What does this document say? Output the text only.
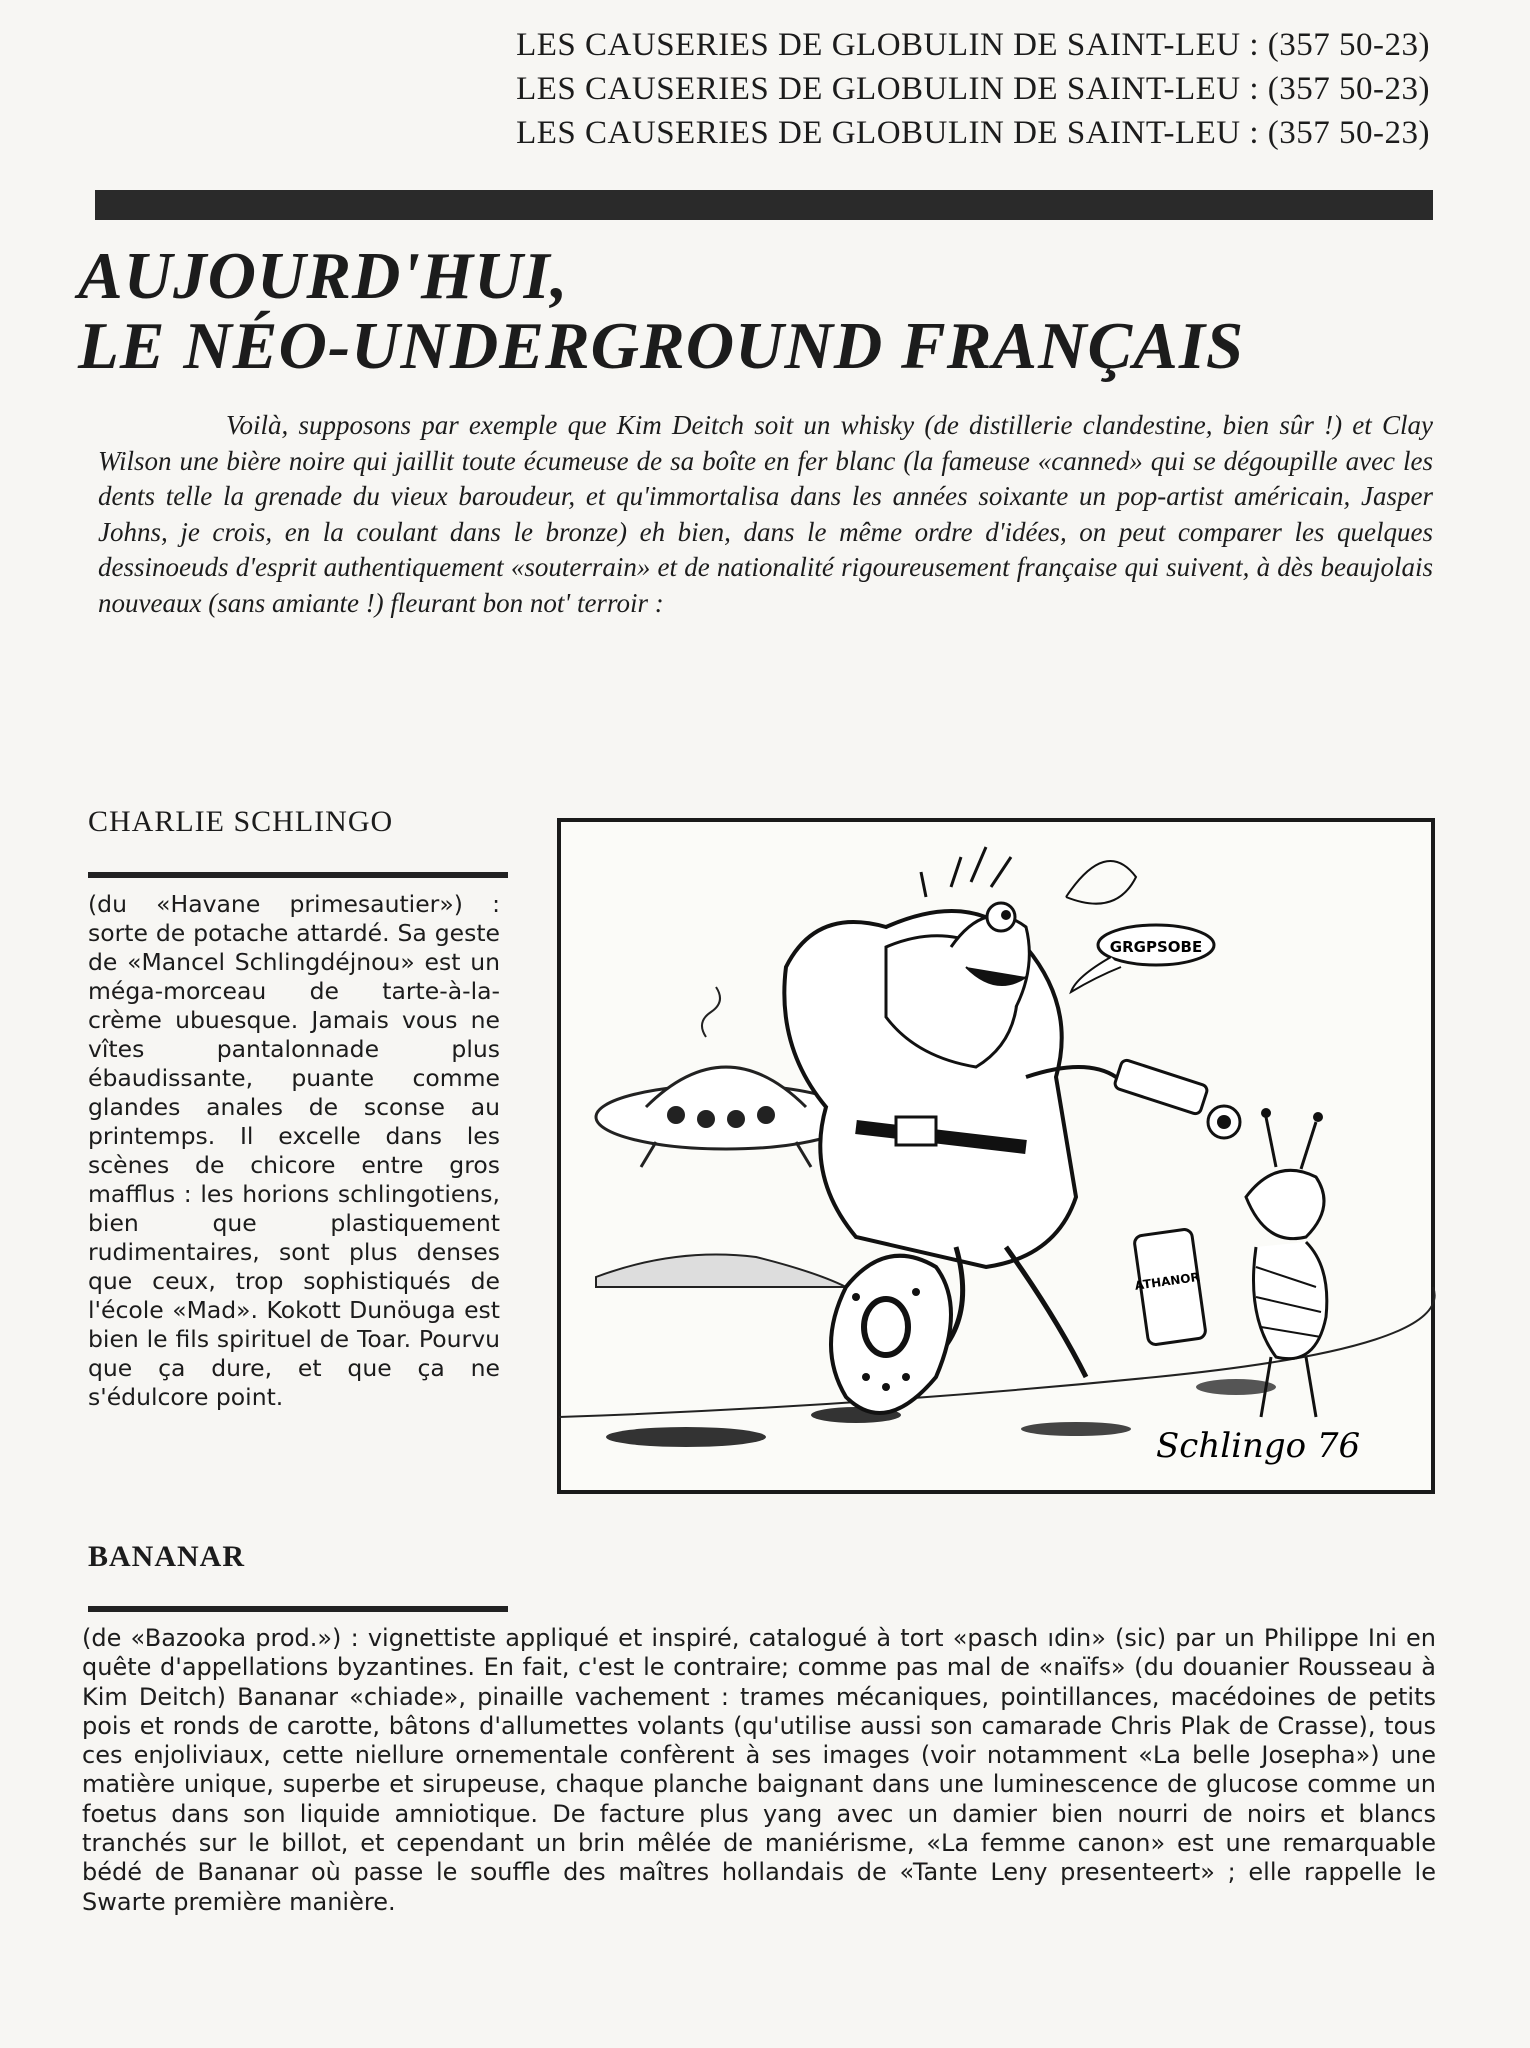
LES CAUSERIES DE GLOBULIN DE SAINT-LEU : (357 50-23)
LES CAUSERIES DE GLOBULIN DE SAINT-LEU : (357 50-23)
LES CAUSERIES DE GLOBULIN DE SAINT-LEU : (357 50-23)
AUJOURD'HUI,
LE NÉO-UNDERGROUND FRANÇAIS
Voilà, supposons par exemple que Kim Deitch soit un whisky (de distillerie clandestine, bien sûr !) et Clay Wilson une bière noire qui jaillit toute écumeuse de sa boîte en fer blanc (la fameuse «canned» qui se dégoupille avec les dents telle la grenade du vieux baroudeur, et qu'immortalisa dans les années soixante un pop-artist américain, Jasper Johns, je crois, en la coulant dans le bronze) eh bien, dans le même ordre d'idées, on peut comparer les quelques dessinoeuds d'esprit authentiquement «souterrain» et de nationalité rigoureusement française qui suivent, à dès beaujolais nouveaux (sans amiante !) fleurant bon not' terroir :
CHARLIE SCHLINGO
(du «Havane primesautier») : sorte de potache attardé. Sa geste de «Mancel Schlingdéjnou» est un méga-morceau de tarte-à-la-crème ubuesque. Jamais vous ne vîtes pantalonnade plus ébaudissante, puante comme glandes anales de sconse au printemps. Il excelle dans les scènes de chicore entre gros mafflus : les horions schlingotiens, bien que plastiquement rudimentaires, sont plus denses que ceux, trop sophistiqués de l'école «Mad». Kokott Dunöuga est bien le fils spirituel de Toar. Pourvu que ça dure, et que ça ne s'édulcore point.
GRGPSOBE
ATHANOR
Schlingo 76
BANANAR
(de «Bazooka prod.») : vignettiste appliqué et inspiré, catalogué à tort «pasch ıdin» (sic) par un Philippe Ini en quête d'appellations byzantines. En fait, c'est le contraire; comme pas mal de «naïfs» (du douanier Rousseau à Kim Deitch) Bananar «chiade», pinaille vachement : trames mécaniques, pointillances, macédoines de petits pois et ronds de carotte, bâtons d'allumettes volants (qu'utilise aussi son camarade Chris Plak de Crasse), tous ces enjoliviaux, cette niellure ornementale confèrent à ses images (voir notamment «La belle Josepha») une matière unique, superbe et sirupeuse, chaque planche baignant dans une luminescence de glucose comme un foetus dans son liquide amniotique. De facture plus yang avec un damier bien nourri de noirs et blancs tranchés sur le billot, et cependant un brin mêlée de maniérisme, «La femme canon» est une remarquable bédé de Bananar où passe le souffle des maîtres hollandais de «Tante Leny presenteert» ; elle rappelle le Swarte première manière.
